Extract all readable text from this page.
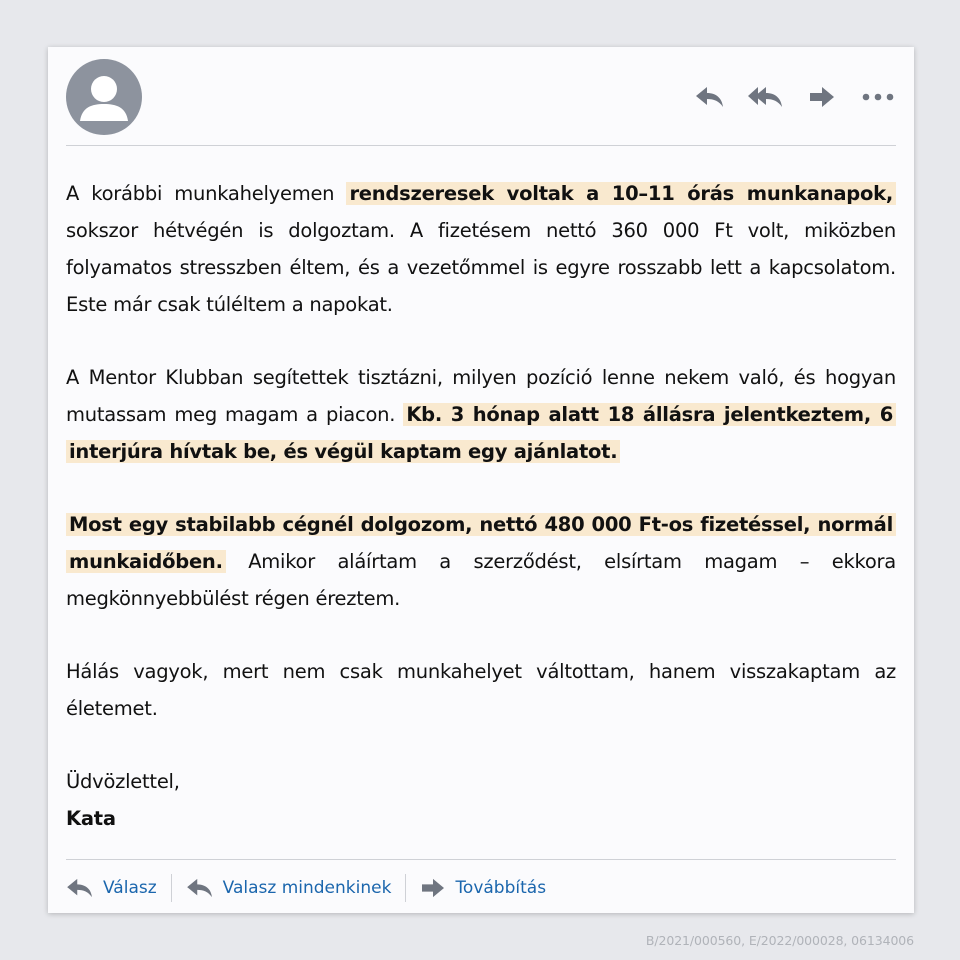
A korábbi munkahelyemen rendszeresek voltak a 10–11 órás munkanapok, sokszor hétvégén is dolgoztam. A fizetésem nettó 360 000 Ft volt, miközben folyamatos stresszben éltem, és a vezetőmmel is egyre rosszabb lett a kapcsolatom. Este már csak túléltem a napokat.

A Mentor Klubban segítettek tisztázni, milyen pozíció lenne nekem való, és hogyan mutassam meg magam a piacon. Kb. 3 hónap alatt 18 állásra jelentkeztem, 6 interjúra hívtak be, és végül kaptam egy ajánlatot.

Most egy stabilabb cégnél dolgozom, nettó 480 000 Ft-os fizetéssel, normál munkaidőben. Amikor aláírtam a szerződést, elsírtam magam – ekkora megkönnyebbülést régen éreztem.

Hálás vagyok, mert nem csak munkahelyet váltottam, hanem visszakaptam az életemet.

Üdvözlettel,
Kata
Válasz	Valasz mindenkinek	Továbbítás
B/2021/000560, E/2022/000028, 06134006
